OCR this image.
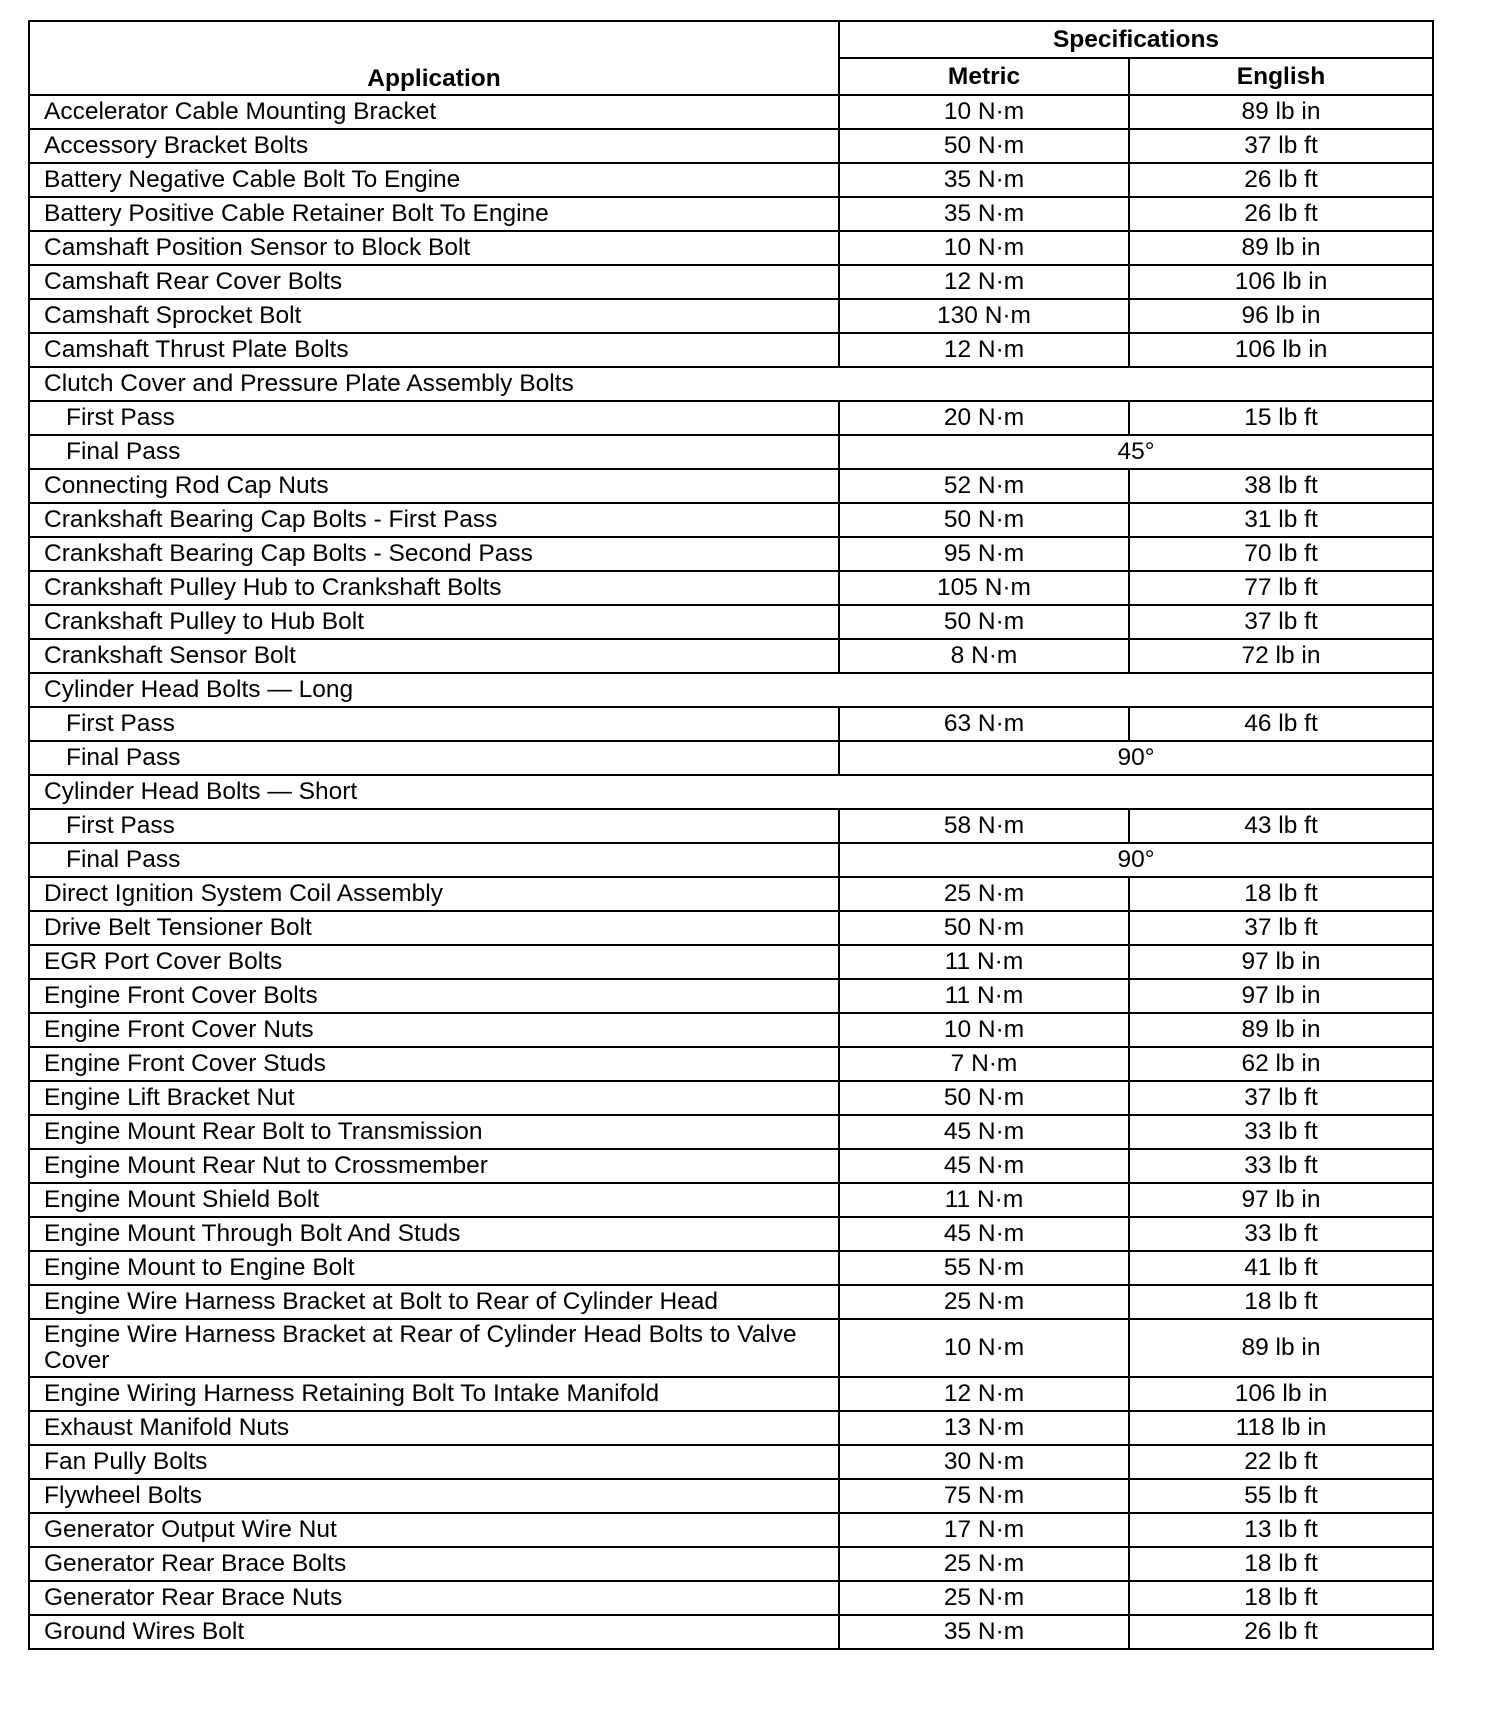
Application	Specifications	
	Metric	English
Accelerator Cable Mounting Bracket	10 N·m	89 lb in
Accessory Bracket Bolts	50 N·m	37 lb ft
Battery Negative Cable Bolt To Engine	35 N·m	26 lb ft
Battery Positive Cable Retainer Bolt To Engine	35 N·m	26 lb ft
Camshaft Position Sensor to Block Bolt	10 N·m	89 lb in
Camshaft Rear Cover Bolts	12 N·m	106 lb in
Camshaft Sprocket Bolt	130 N·m	96 lb in
Camshaft Thrust Plate Bolts	12 N·m	106 lb in
Clutch Cover and Pressure Plate Assembly Bolts		
First Pass	20 N·m	15 lb ft
Final Pass	45°	
Connecting Rod Cap Nuts	52 N·m	38 lb ft
Crankshaft Bearing Cap Bolts - First Pass	50 N·m	31 lb ft
Crankshaft Bearing Cap Bolts - Second Pass	95 N·m	70 lb ft
Crankshaft Pulley Hub to Crankshaft Bolts	105 N·m	77 lb ft
Crankshaft Pulley to Hub Bolt	50 N·m	37 lb ft
Crankshaft Sensor Bolt	8 N·m	72 lb in
Cylinder Head Bolts — Long		
First Pass	63 N·m	46 lb ft
Final Pass	90°	
Cylinder Head Bolts — Short		
First Pass	58 N·m	43 lb ft
Final Pass	90°	
Direct Ignition System Coil Assembly	25 N·m	18 lb ft
Drive Belt Tensioner Bolt	50 N·m	37 lb ft
EGR Port Cover Bolts	11 N·m	97 lb in
Engine Front Cover Bolts	11 N·m	97 lb in
Engine Front Cover Nuts	10 N·m	89 lb in
Engine Front Cover Studs	7 N·m	62 lb in
Engine Lift Bracket Nut	50 N·m	37 lb ft
Engine Mount Rear Bolt to Transmission	45 N·m	33 lb ft
Engine Mount Rear Nut to Crossmember	45 N·m	33 lb ft
Engine Mount Shield Bolt	11 N·m	97 lb in
Engine Mount Through Bolt And Studs	45 N·m	33 lb ft
Engine Mount to Engine Bolt	55 N·m	41 lb ft
Engine Wire Harness Bracket at Bolt to Rear of Cylinder Head	25 N·m	18 lb ft
Engine Wire Harness Bracket at Rear of Cylinder Head Bolts to Valve Cover	10 N·m	89 lb in
Engine Wiring Harness Retaining Bolt To Intake Manifold	12 N·m	106 lb in
Exhaust Manifold Nuts	13 N·m	118 lb in
Fan Pully Bolts	30 N·m	22 lb ft
Flywheel Bolts	75 N·m	55 lb ft
Generator Output Wire Nut	17 N·m	13 lb ft
Generator Rear Brace Bolts	25 N·m	18 lb ft
Generator Rear Brace Nuts	25 N·m	18 lb ft
Ground Wires Bolt	35 N·m	26 lb ft
